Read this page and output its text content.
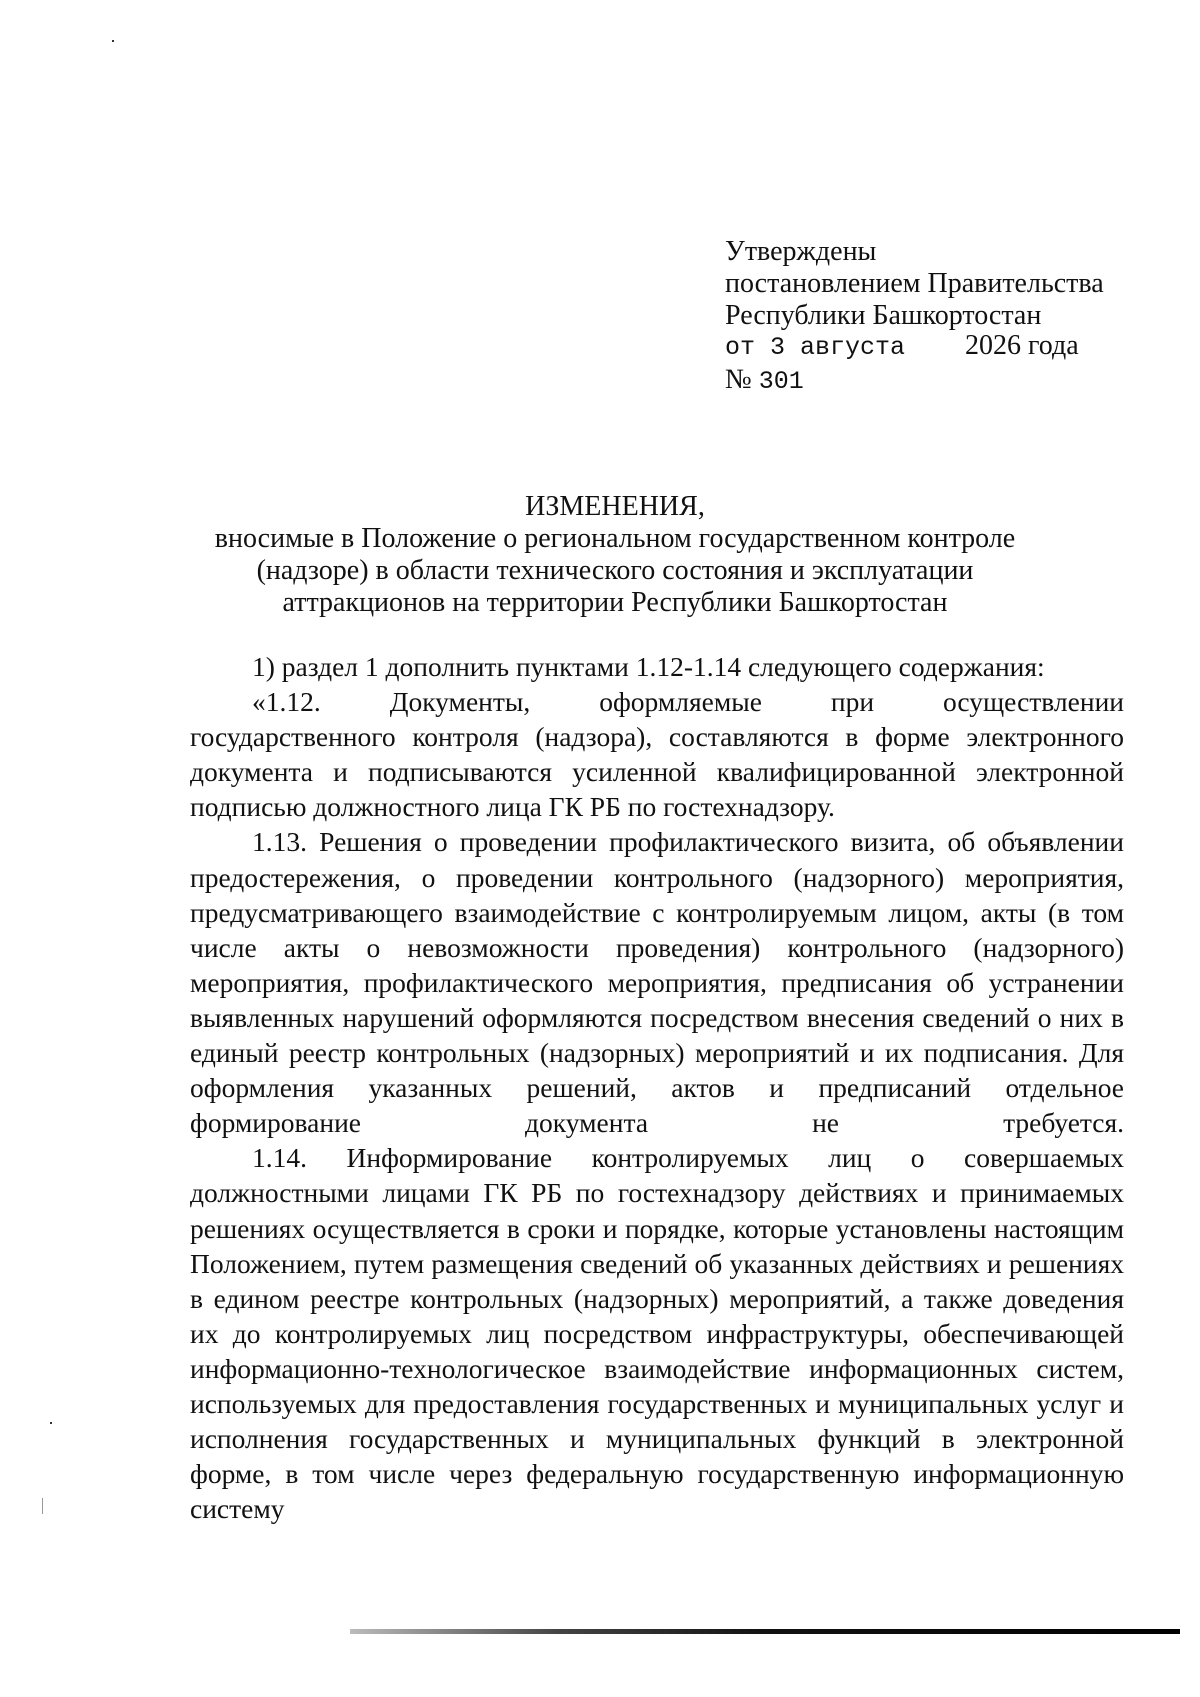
Утверждены
постановлением Правительства
Республики Башкортостан
от 3 августа 2026 года
№ 301
ИЗМЕНЕНИЯ,
вносимые в Положение о региональном государственном контроле
(надзоре) в области технического состояния и эксплуатации
аттракционов на территории Республики Башкортостан

1) раздел 1 дополнить пунктами 1.12-1.14 следующего содержания:

«1.12. Документы, оформляемые при осуществлении

государственного контроля (надзора), составляются в форме электронного документа и подписываются усиленной квалифицированной электронной подписью должностного лица ГК РБ по гостехнадзору.

1.13. Решения о проведении профилактического визита, об объявлении предостережения, о проведении контрольного (надзорного) мероприятия, предусматривающего взаимодействие с контролируемым лицом, акты (в том числе акты о невозможности проведения) контрольного (надзорного) мероприятия, профилактического мероприятия, предписания об устранении выявленных нарушений оформляются посредством внесения сведений о них в единый реестр контрольных (надзорных) мероприятий и их подписания. Для оформления указанных решений, актов и предписаний отдельное формирование документа не требуется.

1.14. Информирование контролируемых лиц о совершаемых должностными лицами ГК РБ по гостехнадзору действиях и принимаемых решениях осуществляется в сроки и порядке, которые установлены настоящим Положением, путем размещения сведений об указанных действиях и решениях в едином реестре контрольных (надзорных) мероприятий, а также доведения их до контролируемых лиц посредством инфраструктуры, обеспечивающей информационно-технологическое взаимодействие информационных систем, используемых для предоставления государственных и муниципальных услуг и исполнения государственных и муниципальных функций в электронной форме, в том числе через федеральную государственную информационную систему
